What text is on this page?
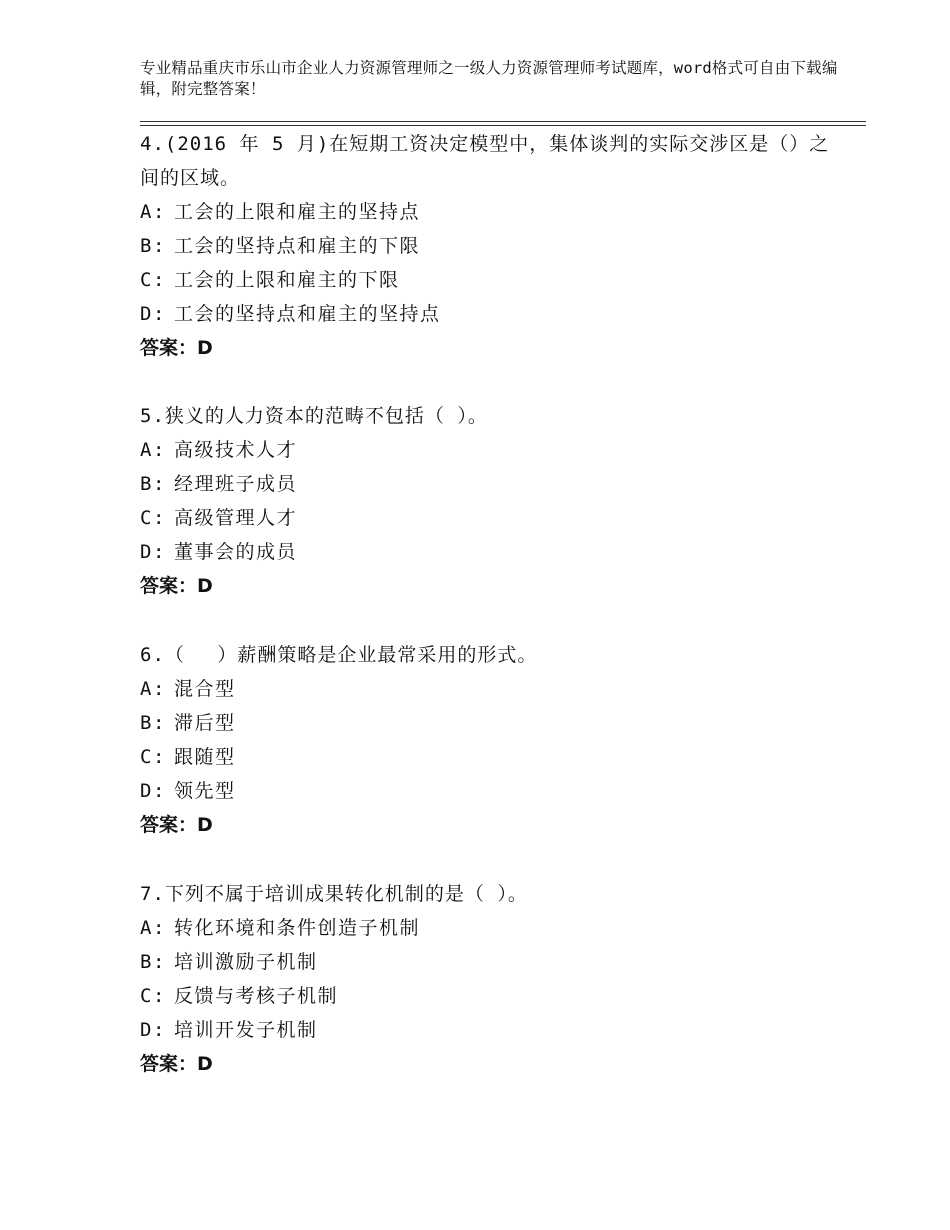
专业精品重庆市乐山市企业人力资源管理师之一级人力资源管理师考试题库，word格式可自由下载编辑，附完整答案！

4.(2016 年 5 月)在短期工资决定模型中，集体谈判的实际交涉区是（）之间的区域。

A: 工会的上限和雇主的坚持点

B: 工会的坚持点和雇主的下限

C: 工会的上限和雇主的下限

D: 工会的坚持点和雇主的坚持点

答案：D

5.狭义的人力资本的范畴不包括（ ）。

A: 高级技术人才

B: 经理班子成员

C: 高级管理人才

D: 董事会的成员

答案：D

6.（　 ）薪酬策略是企业最常采用的形式。

A: 混合型

B: 滞后型

C: 跟随型

D: 领先型

答案：D

7.下列不属于培训成果转化机制的是（ ）。

A: 转化环境和条件创造子机制

B: 培训激励子机制

C: 反馈与考核子机制

D: 培训开发子机制

答案：D
